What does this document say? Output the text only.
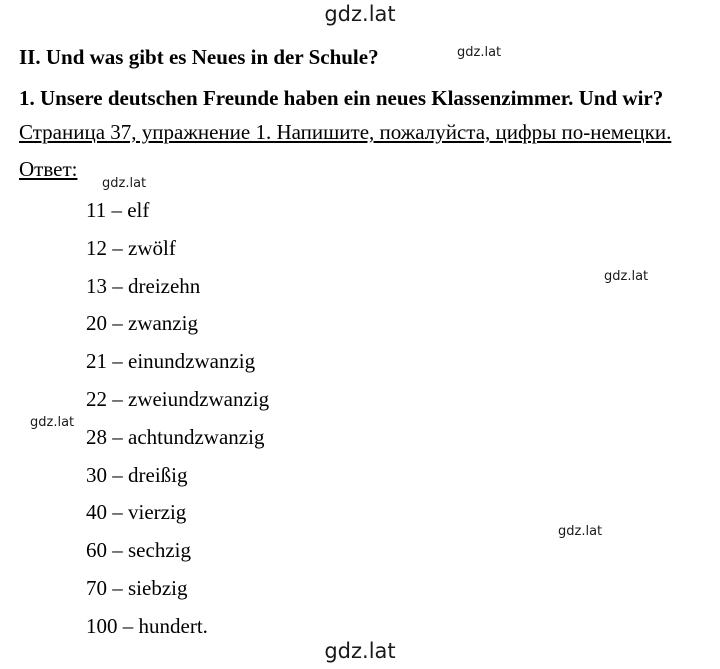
gdz.lat
gdz.lat
gdz.lat
gdz.lat
gdz.lat
gdz.lat
gdz.lat
II. Und was gibt es Neues in der Schule?
1. Unsere deutschen Freunde haben ein neues Klassenzimmer. Und wir?
Страница 37, упражнение 1. Напишите, пожалуйста, цифры по-немецки.
Ответ:
11 – elf
12 – zwölf
13 – dreizehn
20 – zwanzig
21 – einundzwanzig
22 – zweiundzwanzig
28 – achtundzwanzig
30 – dreißig
40 – vierzig
60 – sechzig
70 – siebzig
100 – hundert.
